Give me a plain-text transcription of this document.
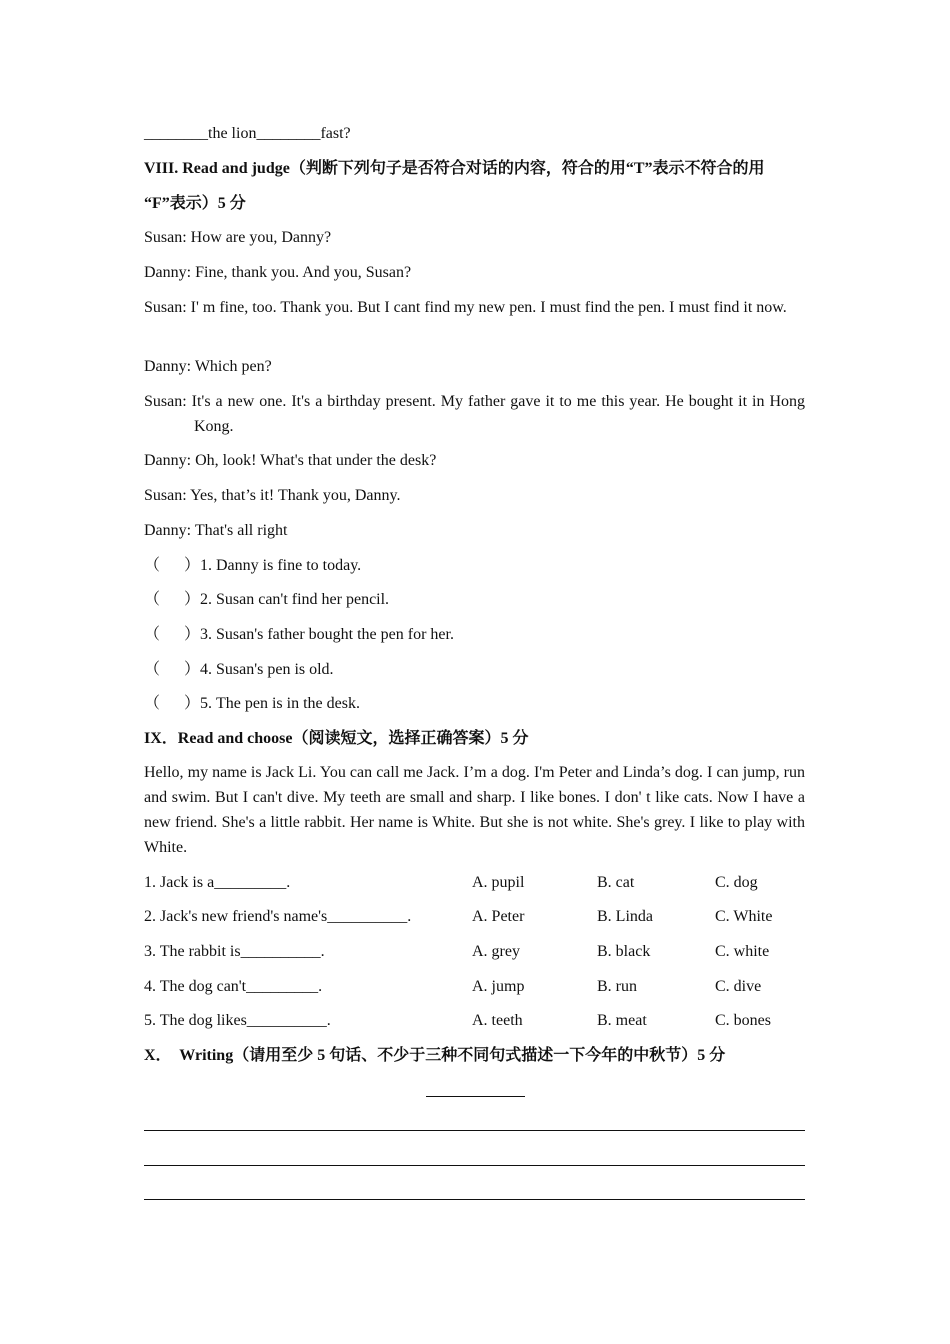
________the lion________fast?
VIII. Read and judge（判断下列句子是否符合对话的内容，符合的用“T”表示不符合的用
“F”表示）5 分
Susan: How are you, Danny?
Danny: Fine, thank you. And you, Susan?
Susan: I' m fine, too. Thank you. But I cant find my new pen. I must find the pen. I must find it now.
Danny: Which pen?
Susan: It's a new one. It's a birthday present. My father gave it to me this year. He bought it in Hong Kong.
Danny: Oh, look! What's that under the desk?
Susan: Yes, that’s it! Thank you, Danny.
Danny: That's all right
（      ）1. Danny is fine to today.
（      ）2. Susan can't find her pencil.
（      ）3. Susan's father bought the pen for her.
（      ）4. Susan's pen is old.
（      ）5. The pen is in the desk.
IX．Read and choose（阅读短文，选择正确答案）5 分
Hello, my name is Jack Li. You can call me Jack. I’m a dog. I'm Peter and Linda’s dog. I can jump, run and swim. But I can't dive. My teeth are small and sharp. I like bones. I don' t like cats. Now I have a new friend. She's a little rabbit. Her name is White. But she is not white. She's grey. I like to play with White.
1. Jack is a_________.	A. pupil	B. cat	C. dog
2. Jack's new friend's name's__________.	A. Peter	B. Linda	C. White
3. The rabbit is__________.	A. grey	B. black	C. white
4. The dog can't_________.	A. jump	B. run	C. dive
5. The dog likes__________.	A. teeth	B. meat	C. bones
X．  Writing（请用至少 5 句话、不少于三种不同句式描述一下今年的中秋节）5 分
